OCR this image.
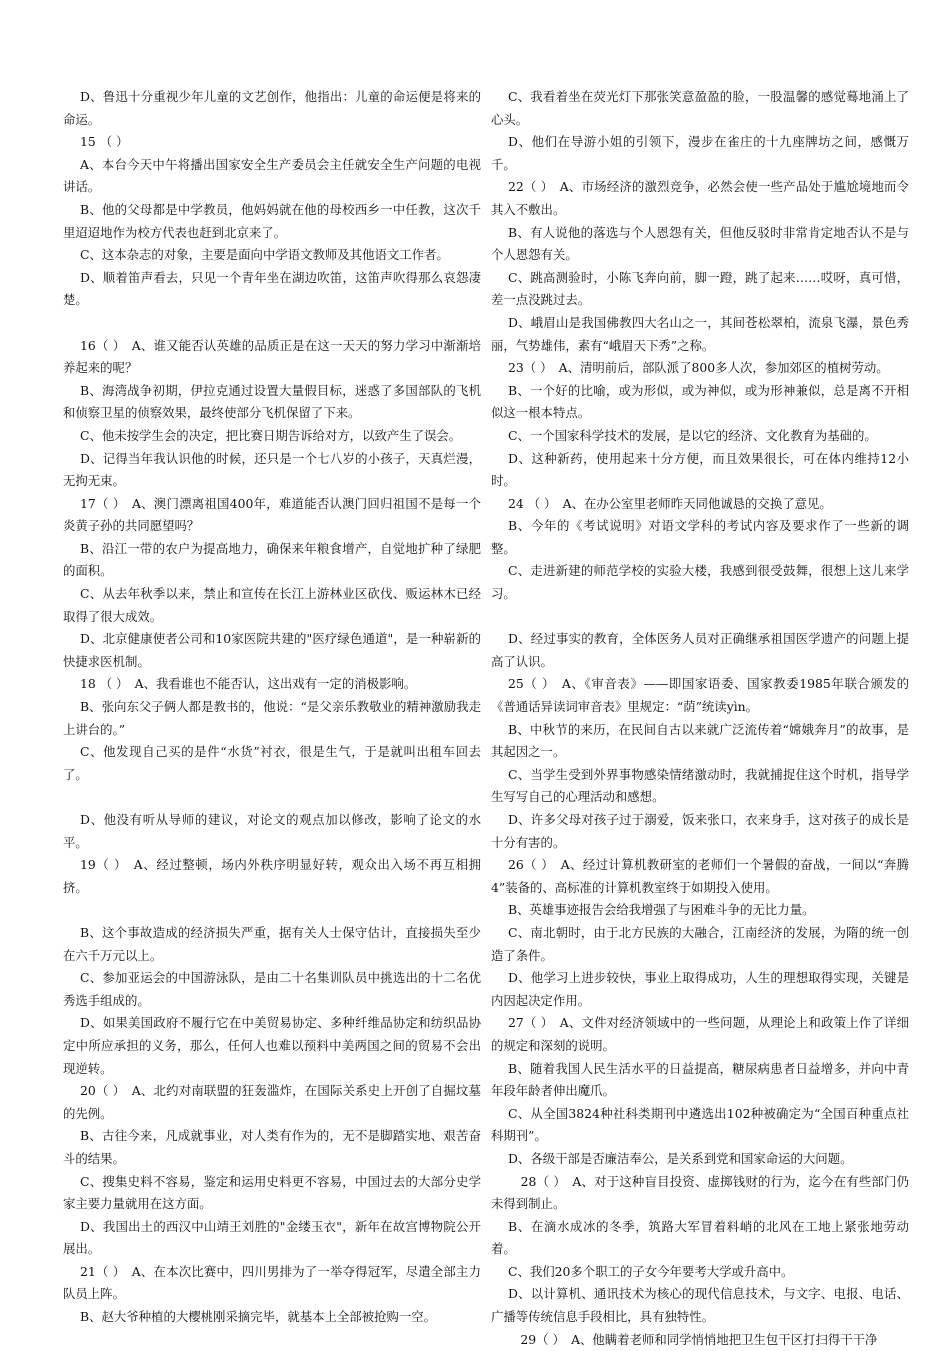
D、鲁迅十分重视少年儿童的文艺创作，他指出：儿童的命运便是将来的命运。

15 （ ）

A、本台今天中午将播出国家安全生产委员会主任就安全生产问题的电视讲话。

B、他的父母都是中学教员，他妈妈就在他的母校西乡一中任教，这次千里迢迢地作为校方代表也赶到北京来了。

C、这本杂志的对象，主要是面向中学语文教师及其他语文工作者。

D、顺着笛声看去，只见一个青年坐在湖边吹笛，这笛声吹得那么哀怨凄楚。

16（ ）　A、谁又能否认英雄的品质正是在这一天天的努力学习中渐渐培养起来的呢？

B、海湾战争初期，伊拉克通过设置大量假目标，迷惑了多国部队的飞机和侦察卫星的侦察效果，最终使部分飞机保留了下来。

C、他未按学生会的决定，把比赛日期告诉给对方，以致产生了误会。

D、记得当年我认识他的时候，还只是一个七八岁的小孩子，天真烂漫，无拘无束。

17（ ）　A、澳门漂离祖国400年，难道能否认澳门回归祖国不是每一个炎黄子孙的共同愿望吗？

B、沿江一带的农户为提高地力，确保来年粮食增产，自觉地扩种了绿肥的面积。

C、从去年秋季以来，禁止和宣传在长江上游林业区砍伐、贩运林木已经取得了很大成效。

D、北京健康使者公司和10家医院共建的"医疗绿色通道"，是一种崭新的快捷求医机制。

18 （ ）　A、我看谁也不能否认，这出戏有一定的消极影响。

B、张向东父子俩人都是教书的，他说：“是父亲乐教敬业的精神激励我走上讲台的。”

C、他发现自己买的是件“水货”衬衣，很是生气，于是就叫出租车回去了。

D、他没有听从导师的建议，对论文的观点加以修改，影响了论文的水平。

19（ ）　A、经过整顿，场内外秩序明显好转，观众出入场不再互相拥挤。

B、这个事故造成的经济损失严重，据有关人士保守估计，直接损失至少在六千万元以上。

C、参加亚运会的中国游泳队，是由二十名集训队员中挑选出的十二名优秀选手组成的。

D、如果美国政府不履行它在中美贸易协定、多种纤维品协定和纺织品协定中所应承担的义务，那么，任何人也难以预料中美两国之间的贸易不会出现逆转。

20（ ）　A、北约对南联盟的狂轰滥炸，在国际关系史上开创了自掘坟墓的先例。

B、古往今来，凡成就事业，对人类有作为的，无不是脚踏实地、艰苦奋斗的结果。

C、搜集史料不容易，鉴定和运用史料更不容易，中国过去的大部分史学家主要力量就用在这方面。

D、我国出土的西汉中山靖王刘胜的"金缕玉衣"，新年在故宫博物院公开展出。

21（ ）　A、在本次比赛中，四川男排为了一举夺得冠军，尽遣全部主力队员上阵。

B、赵大爷种植的大樱桃刚采摘完毕，就基本上全部被抢购一空。

C、我看着坐在荧光灯下那张笑意盈盈的脸，一股温馨的感觉蓦地涌上了心头。

D、他们在导游小姐的引领下，漫步在雀庄的十九座牌坊之间，感慨万千。

22（ ）　A、市场经济的激烈竞争，必然会使一些产品处于尴尬境地而令其入不敷出。

B、有人说他的落选与个人恩怨有关，但他反驳时非常肯定地否认不是与个人恩怨有关。

C、跳高测验时，小陈飞奔向前，脚一蹬，跳了起来……哎呀，真可惜，差一点没跳过去。

D、峨眉山是我国佛教四大名山之一，其间苍松翠柏，流泉飞瀑，景色秀丽，气势雄伟，素有“峨眉天下秀”之称。

23（ ）　A、清明前后，部队派了800多人次，参加郊区的植树劳动。

B、一个好的比喻，或为形似，或为神似，或为形神兼似，总是离不开相似这一根本特点。

C、一个国家科学技术的发展，是以它的经济、文化教育为基础的。

D、这种新药，使用起来十分方便，而且效果很长，可在体内维持12小时。

24 （ ）　A、在办公室里老师昨天同他诚恳的交换了意见。

B、今年的《考试说明》对语文学科的考试内容及要求作了一些新的调整。

C、走进新建的师范学校的实验大楼，我感到很受鼓舞，很想上这儿来学习。

D、经过事实的教育，全体医务人员对正确继承祖国医学遗产的问题上提高了认识。

25（ ）　A、《审音表》——即国家语委、国家教委1985年联合颁发的《普通话异读词审音表》里规定：“荫”统读yìn。

B、中秋节的来历，在民间自古以来就广泛流传着“嫦娥奔月”的故事，是其起因之一。

C、当学生受到外界事物感染情绪激动时，我就捕捉住这个时机，指导学生写写自己的心理活动和感想。

D、许多父母对孩子过于溺爱，饭来张口，衣来身手，这对孩子的成长是十分有害的。

26（ ）　A、经过计算机教研室的老师们一个暑假的奋战，一间以“奔腾4”装备的、高标准的计算机教室终于如期投入使用。

B、英雄事迹报告会给我增强了与困难斗争的无比力量。

C、南北朝时，由于北方民族的大融合，江南经济的发展，为隋的统一创造了条件。

D、他学习上进步较快，事业上取得成功，人生的理想取得实现，关键是内因起决定作用。

27（ ）　A、文件对经济领域中的一些问题，从理论上和政策上作了详细的规定和深刻的说明。

B、随着我国人民生活水平的日益提高，糖尿病患者日益增多，并向中青年段年龄者伸出魔爪。

C、从全国3824种社科类期刊中遴选出102种被确定为“全国百种重点社科期刊”。

D、各级干部是否廉洁奉公，是关系到党和国家命运的大问题。

　28（ ）　A、对于这种盲目投资、虚掷钱财的行为，迄今在有些部门仍未得到制止。

B、在滴水成冰的冬季，筑路大军冒着料峭的北风在工地上紧张地劳动着。

C、我们20多个职工的子女今年要考大学或升高中。

D、以计算机、通讯技术为核心的现代信息技术，与文字、电报、电话、广播等传统信息手段相比，具有独特性。

　29（ ）　A、他瞒着老师和同学悄悄地把卫生包干区打扫得干干净
